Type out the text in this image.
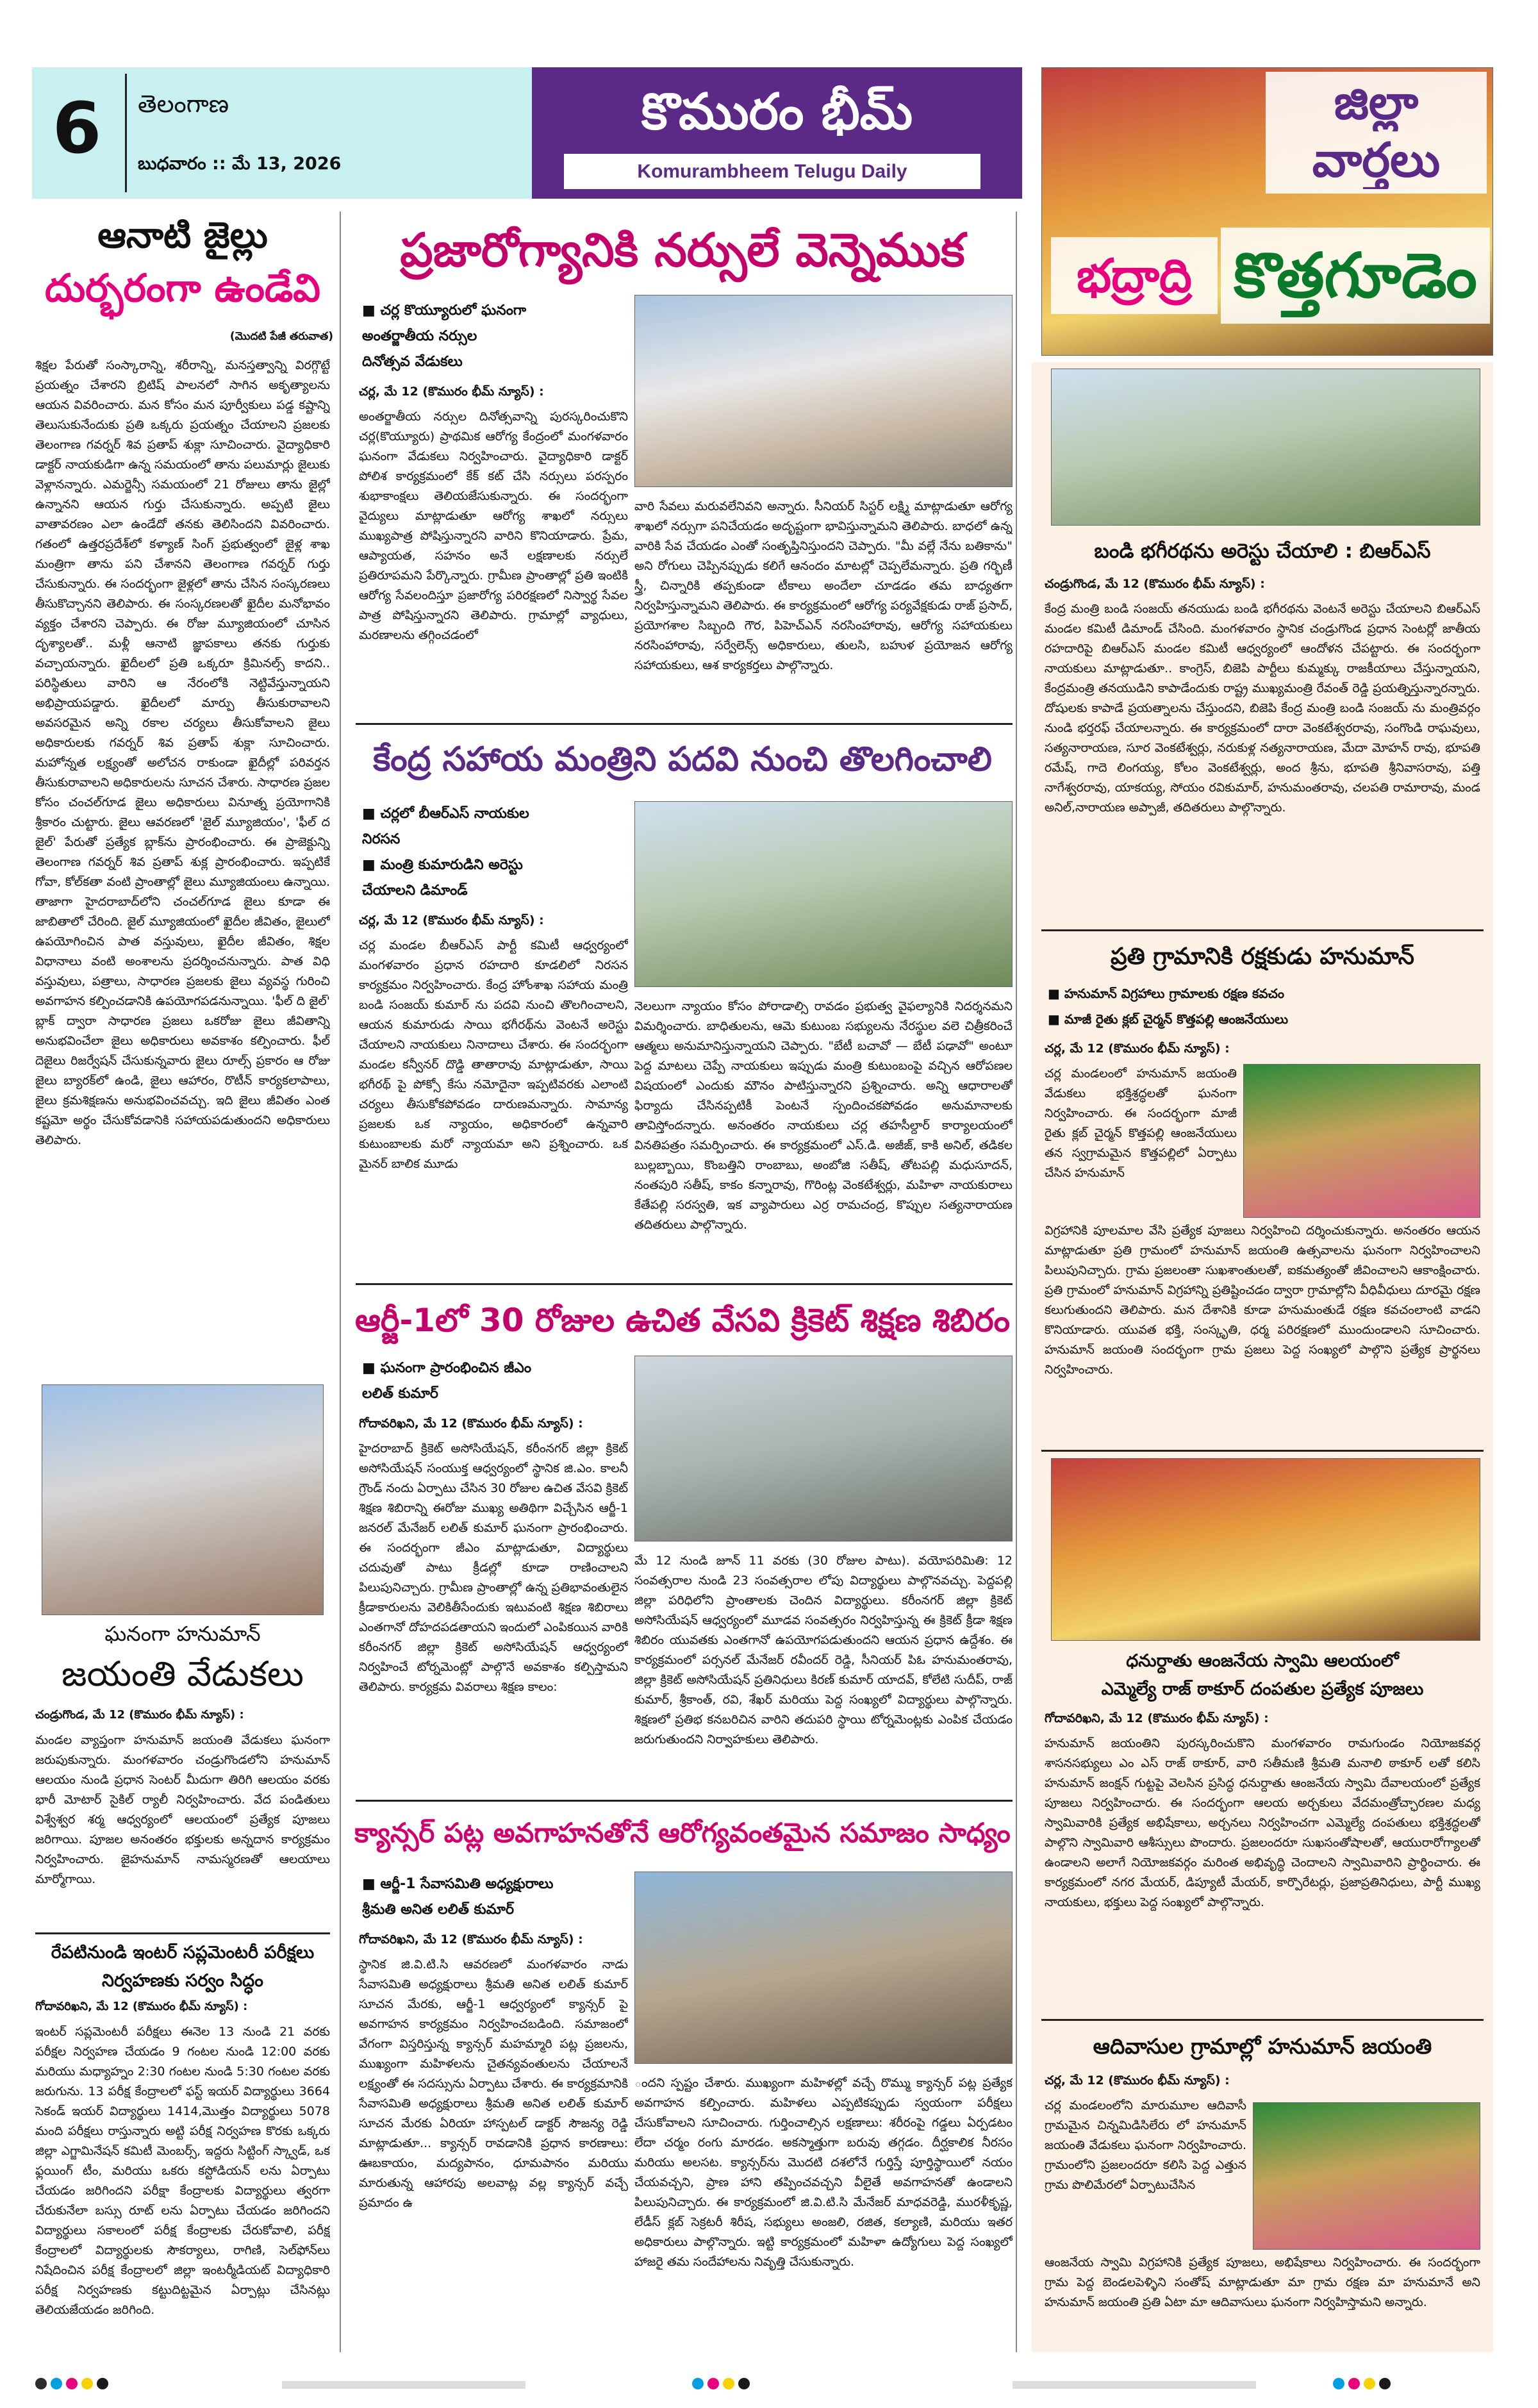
6	తెలంగాణ
బుధవారం :: మే 13, 2026
కొమురం భీమ్
Komurambheem Telugu Daily
జిల్లా
వార్తలు
భద్రాద్రి కొత్తగూడెం
ఆనాటి జైల్లు
దుర్భరంగా ఉండేవి
(మొదటి పేజీ తరువాత)
శిక్షల పేరుతో సంస్కారాన్ని, శరీరాన్ని, మనస్తత్వాన్ని విరగ్గొట్టే ప్రయత్నం చేశారని బ్రిటిష్ పాలనలో సాగిన అకృత్యాలను ఆయన వివరించారు. మన కోసం మన పూర్వీకులు పడ్డ కష్టాన్ని తెలుసుకునేందుకు ప్రతి ఒక్కరు ప్రయత్నం చేయాలని ప్రజలకు తెలంగాణ గవర్నర్ శివ ప్రతాప్ శుక్లా సూచించారు. వైద్యాధికారి డాక్టర్ నాయకుడిగా ఉన్న సమయంలో తాను పలుమార్లు జైలుకు వెళ్లానన్నారు. ఎమర్జెన్సీ సమయంలో 21 రోజులు తాను జైల్లో ఉన్నానని ఆయన గుర్తు చేసుకున్నారు. అప్పటి జైలు వాతావరణం ఎలా ఉండేదో తనకు తెలిసిందని వివరించారు. గతంలో ఉత్తరప్రదేశ్‌లో కళ్యాణ్ సింగ్ ప్రభుత్వంలో జైళ్ల శాఖ మంత్రిగా తాను పని చేశానని తెలంగాణ గవర్నర్ గుర్తు చేసుకున్నారు. ఈ సందర్భంగా జైళ్లలో తాను చేసిన సంస్కరణలు తీసుకొచ్చానని తెలిపారు. ఈ సంస్కరణలతో ఖైదీల మనోభావం వ్యక్తం చేశారని చెప్పారు. ఈ రోజు మ్యూజియంలో చూసిన దృశ్యాలతో.. మళ్లీ ఆనాటి జ్ఞాపకాలు తనకు గుర్తుకు వచ్చాయన్నారు. ఖైదీలలో ప్రతి ఒక్కరూ క్రిమినల్స్ కాదని.. పరిస్థితులు వారిని ఆ నేరంలోకి నెట్టివేస్తున్నాయని అభిప్రాయపడ్డారు. ఖైదీలలో మార్పు తీసుకురావాలని అవసరమైన అన్ని రకాల చర్యలు తీసుకోవాలని జైలు అధికారులకు గవర్నర్ శివ ప్రతాప్ శుక్లా సూచించారు. మహోన్నత లక్ష్యంతో అలోచన రాకుండా ఖైదీల్లో పరివర్తన తీసుకురావాలని అధికారులను సూచన చేశారు. సాధారణ ప్రజల కోసం చంచల్‌గూడ జైలు అధికారులు వినూత్న ప్రయోగానికి శ్రీకారం చుట్టారు. జైలు ఆవరణలో 'జైల్ మ్యూజియం', 'ఫీల్ ద జైల్' పేరుతో ప్రత్యేక బ్లాక్‌ను ప్రారంభించారు. ఈ ప్రాజెక్టున్ని తెలంగాణ గవర్నర్ శివ ప్రతాప్ శుక్ల ప్రారంభించారు. ఇప్పటికే గోవా, కోల్‌కతా వంటి ప్రాంతాల్లో జైలు మ్యూజియంలు ఉన్నాయి. తాజాగా హైదరాబాద్‌లోని చంచల్‌గూడ జైలు కూడా ఈ జాబితాలో చేరింది. జైల్ మ్యూజియంలో ఖైదీల జీవితం, జైలులో ఉపయోగించిన పాత వస్తువులు, ఖైదీల జీవితం, శిక్షల విధానాలు వంటి అంశాలను ప్రదర్శించనున్నారు. పాత విధి వస్తువులు, పత్రాలు, సాధారణ ప్రజలకు జైలు వ్యవస్థ గురించి అవగాహన కల్పించడానికి ఉపయోగపడనున్నాయి. 'ఫీల్ ది జైల్' బ్లాక్ ద్వారా సాధారణ ప్రజలు ఒకరోజు జైలు జీవితాన్ని అనుభవించేలా జైలు అధికారులు అవకాశం కల్పించారు. ఫీల్ దెజైలు రిజర్వేషన్ చేసుకున్నవారు జైలు రూల్స్ ప్రకారం ఆ రోజు జైలు బ్యారక్‌లో ఉండి, జైలు ఆహారం, రొటీన్ కార్యకలాపాలు, జైలు క్రమశిక్షణను అనుభవించవచ్చు. ఇది జైలు జీవితం ఎంత కష్టమో అర్థం చేసుకోవడానికి సహాయపడుతుందని అధికారులు తెలిపారు.
ఘనంగా హనుమాన్
జయంతి వేడుకలు
చండ్రుగొండ, మే 12 (కొమురం భీమ్ న్యూస్) :
మండల వ్యాప్తంగా హనుమాన్ జయంతి వేడుకలు ఘనంగా జరుపుకున్నారు. మంగళవారం చండ్రుగొండలోని హనుమాన్ ఆలయం నుండి ప్రధాన సెంటర్ మీదుగా తిరిగి ఆలయం వరకు భారీ మోటార్ సైకిల్ ర్యాలీ నిర్వహించారు. వేద పండితులు విశ్వేశ్వర శర్మ ఆధ్వర్యంలో ఆలయంలో ప్రత్యేక పూజలు జరిగాయి. పూజల అనంతరం భక్తులకు అన్నదాన కార్యక్రమం నిర్వహించారు. జైహనుమాన్ నామస్మరణతో ఆలయాలు మార్మోగాయి.
రేపటినుండి ఇంటర్ సప్లమెంటరీ పరీక్షలు
నిర్వహణకు సర్వం సిద్ధం
గోదావరిఖని, మే 12 (కొమురం భీమ్ న్యూస్) :
ఇంటర్ సప్లమెంటరీ పరీక్షలు ఈనెల 13 నుండి 21 వరకు పరీక్షల నిర్వహణ చేయడం 9 గంటల నుండి 12:00 వరకు మరియు మధ్యాహ్నం 2:30 గంటల నుండి 5:30 గంటల వరకు జరుగును. 13 పరీక్ష కేంద్రాలలో ఫస్ట్ ఇయర్ విద్యార్థులు 3664 సెకండ్ ఇయర్ విద్యార్థులు 1414,మొత్తం విద్యార్థులు 5078 మంది పరీక్షలు రాస్తున్నారు అట్టి పరీక్ష నిర్వహణ కొరకు ఒక్కరు జిల్లా ఎగ్జామినేషన్ కమిటీ మెంబర్స్, ఇద్దరు సిట్టింగ్ స్క్వాడ్, ఒక ఫ్లయింగ్ టీం, మరియు ఒకరు కస్టోడియన్ లను ఏర్పాటు చేయడం జరిగిందని పరీక్షా కేంద్రాలకు విద్యార్థులు త్వరగా చేరుకునేలా బస్సు రూట్ లను ఏర్పాటు చేయడం జరిగిందని విద్యార్థులు సకాలంలో పరీక్ష కేంద్రాలకు చేరుకోవాలి, పరీక్ష కేంద్రాలలో విద్యార్థులకు సౌకర్యాలు, రాగిణి, సెల్‌ఫోన్‌లు నిషేదించిన పరీక్ష కేంద్రాలలో జిల్లా ఇంటర్మీడియట్ విద్యాధికారి పరీక్ష నిర్వహణకు కట్టుదిట్టమైన ఏర్పాట్లు చేసినట్లు తెలియజేయడం జరిగింది.
ప్రజారోగ్యానికి నర్సులే వెన్నెముక
■ చర్ల కొయ్యూరులో ఘనంగా
అంతర్జాతీయ నర్సుల
దినోత్సవ వేడుకలు
చర్ల, మే 12 (కొమురం భీమ్ న్యూస్) :
అంతర్జాతీయ నర్సుల దినోత్సవాన్ని పురస్కరించుకొని చర్ల(కొయ్యూరు) ప్రాథమిక ఆరోగ్య కేంద్రంలో మంగళవారం ఘనంగా వేడుకలు నిర్వహించారు. వైద్యాధికారి డాక్టర్ పోలిశ కార్యక్రమంలో కేక్ కట్ చేసి నర్సులు పరస్పరం శుభాకాంక్షలు తెలియజేసుకున్నారు. ఈ సందర్భంగా వైద్యులు మాట్లాడుతూ ఆరోగ్య శాఖలో నర్సులు ముఖ్యపాత్ర పోషిస్తున్నారని వారిని కొనియాడారు. ప్రేమ, ఆప్యాయత, సహనం అనే లక్షణాలకు నర్సులే ప్రతిరూపమని పేర్కొన్నారు. గ్రామీణ ప్రాంతాల్లో ప్రతి ఇంటికి ఆరోగ్య సేవలందిస్తూ ప్రజారోగ్య పరిరక్షణలో నిస్వార్థ సేవల పాత్ర పోషిస్తున్నారని తెలిపారు. గ్రామాల్లో వ్యాధులు, మరణాలను తగ్గించడంలో
వారి సేవలు మరువలేనివని అన్నారు. సీనియర్ సిస్టర్ లక్ష్మి మాట్లాడుతూ ఆరోగ్య శాఖలో నర్సుగా పనిచేయడం అదృష్టంగా భావిస్తున్నామని తెలిపారు. బాధలో ఉన్న వారికి సేవ చేయడం ఎంతో సంతృప్తినిస్తుందని చెప్పారు. "మీ వల్లే నేను బతికాను" అని రోగులు చెప్పినప్పుడు కలిగే ఆనందం మాటల్లో చెప్పలేమన్నారు. ప్రతి గర్భిణీ స్త్రీ, చిన్నారికి తప్పకుండా టీకాలు అందేలా చూడడం తమ బాధ్యతగా నిర్వహిస్తున్నామని తెలిపారు. ఈ కార్యక్రమంలో ఆరోగ్య పర్యవేక్షకుడు రాజ్ ప్రసాద్, ప్రయోగశాల సిబ్బంది గౌర, పిహెచ్ఎన్ నరసింహారావు, ఆరోగ్య సహాయకులు నరసింహారావు, సర్వేలెన్స్ అధికారులు, తులసి, బహుళ ప్రయోజన ఆరోగ్య సహాయకులు, ఆశ కార్యకర్తలు పాల్గొన్నారు.
కేంద్ర సహాయ మంత్రిని పదవి నుంచి తొలగించాలి
■ చర్లలో బీఆర్ఎస్ నాయకుల
నిరసన
■ మంత్రి కుమారుడిని అరెస్టు
చేయాలని డిమాండ్
చర్ల, మే 12 (కొమురం భీమ్ న్యూస్) :
చర్ల మండల బీఆర్ఎస్ పార్టీ కమిటీ ఆధ్వర్యంలో మంగళవారం ప్రధాన రహదారి కూడలిలో నిరసన కార్యక్రమం నిర్వహించారు. కేంద్ర హోంశాఖ సహాయ మంత్రి బండి సంజయ్ కుమార్ ను పదవి నుంచి తొలగించాలని, ఆయన కుమారుడు సాయి భగీరథ్‌ను వెంటనే అరెస్టు చేయాలని నాయకులు నినాదాలు చేశారు. ఈ సందర్భంగా మండల కన్వీనర్ దొడ్డి తాతారావు మాట్లాడుతూ, సాయి భగీరథ్ పై పోక్సో కేసు నమోదైనా ఇప్పటివరకు ఎలాంటి చర్యలు తీసుకోకపోవడం దారుణమన్నారు. సామాన్య ప్రజలకు ఒక న్యాయం, అధికారంలో ఉన్నవారి కుటుంబాలకు మరో న్యాయమా అని ప్రశ్నించారు. ఒక మైనర్ బాలిక మూడు
నెలలుగా న్యాయం కోసం పోరాడాల్సి రావడం ప్రభుత్వ వైఫల్యానికి నిదర్శనమని విమర్శించారు. బాధితులను, ఆమె కుటుంబ సభ్యులను నేరస్థుల వలె చిత్రీకరించే ఆత్మలు అనుమానిస్తున్నాయని చెప్పారు. "బేటీ బచావో — బేటీ పఢావో" అంటూ పెద్ద మాటలు చెప్పే నాయకులు ఇప్పుడు మంత్రి కుటుంబంపై వచ్చిన ఆరోపణల విషయంలో ఎందుకు మౌనం పాటిస్తున్నారని ప్రశ్నించారు. అన్ని ఆధారాలతో ఫిర్యాదు చేసినప్పటికీ పెంటనే స్పందించకపోవడం అనుమానాలకు తావిస్తోందన్నారు. అనంతరం నాయకులు చర్ల తహసీల్దార్ కార్యాలయంలో వినతిపత్రం సమర్పించారు. ఈ కార్యక్రమంలో ఎస్.డి. అజీజ్, కాకి అనిల్, తడికల బుల్లబ్బాయి, కొంబత్తిని రాంబాబు, అంబోజి సతీష్, తోటపల్లి మధుసూదన్, నంతపురి సతీష్, కాకం కన్నారావు, గొరింట్ల వెంకటేశ్వర్లు, మహిళా నాయకురాలు కేతేపల్లి సరస్వతి, ఇక వ్యాపారులు ఎర్ర రామచంద్ర, కొప్పుల సత్యనారాయణ తదితరులు పాల్గొన్నారు.
ఆర్జీ-1లో 30 రోజుల ఉచిత వేసవి క్రికెట్ శిక్షణ శిబిరం
■ ఘనంగా ప్రారంభించిన జీఎం
లలిత్ కుమార్
గోదావరిఖని, మే 12 (కొమురం భీమ్ న్యూస్) :
హైదరాబాద్ క్రికెట్ అసోసియేషన్, కరీంనగర్ జిల్లా క్రికెట్ అసోసియేషన్ సంయుక్త ఆధ్వర్యంలో స్థానిక జి.ఎం. కాలనీ గ్రౌండ్ నందు ఏర్పాటు చేసిన 30 రోజుల ఉచిత వేసవి క్రికెట్ శిక్షణ శిబిరాన్ని ఈరోజు ముఖ్య అతిథిగా విచ్చేసిన ఆర్జీ-1 జనరల్ మేనేజర్ లలిత్ కుమార్ ఘనంగా ప్రారంభించారు. ఈ సందర్భంగా జీఎం మాట్లాడుతూ, విద్యార్థులు చదువుతో పాటు క్రీడల్లో కూడా రాణించాలని పిలుపునిచ్చారు. గ్రామీణ ప్రాంతాల్లో ఉన్న ప్రతిభావంతులైన క్రీడాకారులను వెలికితీసేందుకు ఇటువంటి శిక్షణ శిబిరాలు ఎంతగానో దోహదపడతాయని ఇందులో ఎంపికయిన వారికి కరీంనగర్ జిల్లా క్రికెట్ అసోసియేషన్ ఆధ్వర్యంలో నిర్వహించే టోర్నమెంట్లో పాల్గొనే అవకాశం కల్పిస్తామని తెలిపారు. కార్యక్రమ వివరాలు శిక్షణ కాలం:
మే 12 నుండి జూన్ 11 వరకు (30 రోజుల పాటు). వయోపరిమితి: 12 సంవత్సరాల నుండి 23 సంవత్సరాల లోపు విద్యార్థులు పాల్గొనవచ్చు. పెద్దపల్లి జిల్లా పరిధిలోని ప్రాంతాలకు చెందిన విద్యార్థులు. కరీంనగర్ జిల్లా క్రికెట్ అసోసియేషన్ ఆధ్వర్యంలో మూడవ సంవత్సరం నిర్వహిస్తున్న ఈ క్రికెట్ క్రీడా శిక్షణ శిబిరం యువతకు ఎంతగానో ఉపయోగపడుతుందని ఆయన ప్రధాన ఉద్దేశం. ఈ కార్యక్రమంలో పర్సనల్ మేనేజర్ రవీందర్ రెడ్డి, సీనియర్ పిఓ హనుమంతరావు, జిల్లా క్రికెట్ అసోసియేషన్ ప్రతినిధులు కిరణ్ కుమార్ యాదవ్, కోలేటి సుదీప్, రాజ్ కుమార్, శ్రీకాంత్, రవి, శేఖర్ మరియు పెద్ద సంఖ్యలో విద్యార్థులు పాల్గొన్నారు. శిక్షణలో ప్రతిభ కనబరిచిన వారిని తదుపరి స్థాయి టోర్నమెంట్లకు ఎంపిక చేయడం జరుగుతుందని నిర్వాహకులు తెలిపారు.
క్యాన్సర్ పట్ల అవగాహనతోనే ఆరోగ్యవంతమైన సమాజం సాధ్యం
■ ఆర్జీ-1 సేవాసమితి అధ్యక్షురాలు
శ్రీమతి అనిత లలిత్ కుమార్
గోదావరిఖని, మే 12 (కొమురం భీమ్ న్యూస్) :
స్థానిక జి.వి.టి.సి ఆవరణలో మంగళవారం నాడు సేవాసమితి అధ్యక్షురాలు శ్రీమతి అనిత లలిత్ కుమార్ సూచన మేరకు, ఆర్జీ-1 ఆధ్వర్యంలో క్యాన్సర్ పై అవగాహన కార్యక్రమం నిర్వహించబడింది. సమాజంలో వేగంగా విస్తరిస్తున్న క్యాన్సర్ మహమ్మారి పట్ల ప్రజలను, ముఖ్యంగా మహిళలను చైతన్యవంతులను చేయాలనే లక్ష్యంతో ఈ సదస్సును ఏర్పాటు చేశారు. ఈ కార్యక్రమానికి సేవాసమితి అధ్యక్షురాలు శ్రీమతి అనిత లలిత్ కుమార్ సూచన మేరకు ఏరియా హాస్పటల్ డాక్టర్ సౌజన్య రెడ్డి మాట్లాడుతూ... క్యాన్సర్ రావడానికి ప్రధాన కారణాలు: ఊబకాయం, మద్యపానం, ధూమపానం మరియు మారుతున్న ఆహారపు అలవాట్ల వల్ల క్యాన్సర్ వచ్చే ప్రమాదం ఉ
ందని స్పష్టం చేశారు. ముఖ్యంగా మహిళల్లో వచ్చే రొమ్ము క్యాన్సర్ పట్ల ప్రత్యేక అవగాహన కల్పించారు. మహిళలు ఎప్పటికప్పుడు స్వయంగా పరీక్షలు చేసుకోవాలని సూచించారు. గుర్తించాల్సిన లక్షణాలు: శరీరంపై గడ్డలు ఏర్పడటం లేదా చర్మం రంగు మారడం. అకస్మాత్తుగా బరువు తగ్గడం. దీర్ఘకాలిక నీరసం మరియు అలసట. క్యాన్సర్‌ను మొదటి దశలోనే గుర్తిస్తే పూర్తిస్థాయిలో నయం చేయవచ్చని, ప్రాణ హాని తప్పించవచ్చని వీలైతే అవగాహనతో ఉండాలని పిలుపునిచ్చారు. ఈ కార్యక్రమంలో జి.వి.టి.సి మేనేజర్ మాధవరెడ్డి, మురళీకృష్ణ, లేడీస్ క్లబ్ సెక్రటరీ శిరీష, సభ్యులు అంజలి, రజిత, కల్యాణి, మరియు ఇతర అధికారులు పాల్గొన్నారు. ఇట్టి కార్యక్రమంలో మహిళా ఉద్యోగులు పెద్ద సంఖ్యలో హాజరై తమ సందేహాలను నివృత్తి చేసుకున్నారు.
బండి భగీరథను అరెస్టు చేయాలి : బిఆర్ఎస్
చండ్రుగొండ, మే 12 (కొమురం భీమ్ న్యూస్) :
కేంద్ర మంత్రి బండి సంజయ్ తనయుడు బండి భగీరథను వెంటనే అరెస్టు చేయాలని బిఆర్ఎస్ మండల కమిటీ డిమాండ్ చేసింది. మంగళవారం స్థానిక చండ్రుగొండ ప్రధాన సెంటర్లో జాతీయ రహదారిపై బిఆర్ఎస్ మండల కమిటీ ఆధ్వర్యంలో ఆందోళన చేపట్టారు. ఈ సందర్భంగా నాయకులు మాట్లాడుతూ.. కాంగ్రెస్, బిజెపి పార్టీలు కుమ్మక్కు రాజకీయాలు చేస్తున్నాయని, కేంద్రమంత్రి తనయుడిని కాపాడేందుకు రాష్ట్ర ముఖ్యమంత్రి రేవంత్ రెడ్డి ప్రయత్నిస్తున్నారన్నారు. దోషులకు కాపాడే ప్రయత్నాలను చేస్తుందని, బిజెపి కేంద్ర మంత్రి బండి సంజయ్ ను మంత్రివర్గం నుండి భర్తరఫ్ చేయాలన్నారు. ఈ కార్యక్రమంలో దారా వెంకటేశ్వరరావు, సంగొండి రాఘవులు, సత్యనారాయణ, సూర వెంకటేశ్వర్లు, నరుకుళ్ల నత్యనారాయణ, మేదా మోహన్ రావు, భూపతి రమేష్, గాదె లింగయ్య, కోలం వెంకటేశ్వర్లు, అంద శ్రీను, భూపతి శ్రీనివాసరావు, పత్తి నాగేశ్వరరావు, యాకయ్య, సోయం రవికుమార్, హనుమంతరావు, చలపతి రామారావు, మండ అనిల్,నారాయణ అప్పాజీ, తదితరులు పాల్గొన్నారు.
ప్రతి గ్రామానికి రక్షకుడు హనుమాన్
■ హనుమాన్ విగ్రహాలు గ్రామాలకు రక్షణ కవచం
■ మాజీ రైతు క్లబ్ చైర్మన్ కొత్తపల్లి ఆంజనేయులు
చర్ల, మే 12 (కొమురం భీమ్ న్యూస్) :
చర్ల మండలంలో హనుమాన్ జయంతి వేడుకలు భక్తిశ్రద్ధలతో ఘనంగా నిర్వహించారు. ఈ సందర్భంగా మాజీ రైతు క్లబ్ చైర్మన్ కొత్తపల్లి ఆంజనేయులు తన స్వగ్రామమైన కొత్తపల్లిలో ఏర్పాటు చేసిన హనుమాన్
విగ్రహానికి పూలమాల వేసి ప్రత్యేక పూజలు నిర్వహించి దర్శించుకున్నారు. అనంతరం ఆయన మాట్లాడుతూ ప్రతి గ్రామంలో హనుమాన్ జయంతి ఉత్సవాలను ఘనంగా నిర్వహించాలని పిలుపునిచ్చారు. గ్రామ ప్రజలంతా సుఖశాంతులతో, ఐకమత్యంతో జీవించాలని ఆకాంక్షించారు. ప్రతి గ్రామంలో హనుమాన్ విగ్రహాన్ని ప్రతిష్టించడం ద్వారా గ్రామాల్లోని వీధివీధులు దూరమై రక్షణ కలుగుతుందని తెలిపారు. మన దేశానికి కూడా హనుమంతుడే రక్షణ కవచంలాంటి వాడని కొనియాడారు. యువత భక్తి, సంస్కృతి, ధర్మ పరిరక్షణలో ముందుండాలని సూచించారు. హనుమాన్ జయంతి సందర్భంగా గ్రామ ప్రజలు పెద్ద సంఖ్యలో పాల్గొని ప్రత్యేక ప్రార్థనలు నిర్వహించారు.
ధనుర్దాతు ఆంజనేయ స్వామి ఆలయంలో
ఎమ్మెల్యే రాజ్ ఠాకూర్ దంపతుల ప్రత్యేక పూజలు
గోదావరిఖని, మే 12 (కొమురం భీమ్ న్యూస్) :
హనుమాన్ జయంతిని పురస్కరించుకొని మంగళవారం రామగుండం నియోజకవర్గ శాసనసభ్యులు ఎం ఎస్ రాజ్ ఠాకూర్, వారి సతీమణి శ్రీమతి మనాలి ఠాకూర్ లతో కలిసి హనుమాన్ జంక్షన్ గుట్టపై వెలసిన ప్రసిద్ధ ధనుర్దాతు ఆంజనేయ స్వామి దేవాలయంలో ప్రత్యేక పూజలు నిర్వహించారు. ఈ సందర్భంగా ఆలయ అర్చకులు వేదమంత్రోచ్ఛారణల మధ్య స్వామివారికి ప్రత్యేక అభిషేకాలు, అర్చనలు నిర్వహించగా ఎమ్మెల్యే దంపతులు భక్తిశ్రద్ధలతో పాల్గొని స్వామివారి ఆశీస్సులు పొందారు. ప్రజలందరూ సుఖసంతోషాలతో, ఆయురారోగ్యాలతో ఉండాలని అలాగే నియోజకవర్గం మరింత అభివృద్ధి చెందాలని స్వామివారిని ప్రార్థించారు. ఈ కార్యక్రమంలో నగర మేయర్, డిప్యూటీ మేయర్, కార్పొరేటర్లు, ప్రజాప్రతినిధులు, పార్టీ ముఖ్య నాయకులు, భక్తులు పెద్ద సంఖ్యలో పాల్గొన్నారు.
ఆదివాసుల గ్రామాల్లో హనుమాన్ జయంతి
చర్ల, మే 12 (కొమురం భీమ్ న్యూస్) :
చర్ల మండలంలోని మారుమూల ఆదివాసీ గ్రామమైన చిన్నమిడిసిలేరు లో హనుమాన్ జయంతి వేడుకలు ఘనంగా నిర్వహించారు. గ్రామంలోని ప్రజలందరూ కలిసి పెద్ద ఎత్తున గ్రామ పొలిమేరలో ఏర్పాటుచేసిన
ఆంజనేయ స్వామి విగ్రహానికి ప్రత్యేక పూజలు, అభిషేకాలు నిర్వహించారు. ఈ సందర్భంగా గ్రామ పెద్ద బెండలపెళ్ళిని సంతోష్ మాట్లాడుతూ మా గ్రామ రక్షణ మా హనుమానే అని హనుమాన్ జయంతి ప్రతి ఏటా మా ఆదివాసులు ఘనంగా నిర్వహిస్తామని అన్నారు.
